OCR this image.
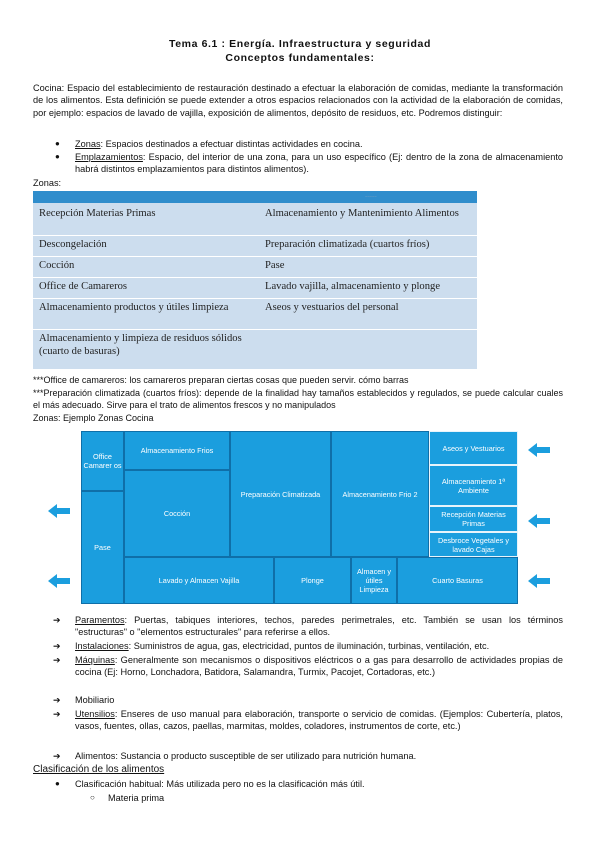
Tema 6.1 : Energía. Infraestructura y seguridad
Conceptos fundamentales:
Cocina: Espacio del establecimiento de restauración destinado a efectuar la elaboración de comidas, mediante la transformación de los alimentos. Esta definición se puede extender a otros espacios relacionados con la actividad de la elaboración de comidas, por ejemplo: espacios de lavado de vajilla, exposición de alimentos, depósito de residuos, etc. Podremos distinguir:
● Zonas: Espacios destinados a efectuar distintas actividades en cocina.
● Emplazamientos: Espacio, del interior de una zona, para un uso específico (Ej: dentro de la zona de almacenamiento habrá distintos emplazamientos para distintos alimentos).
Zonas:
~~~~~
Recepción Materias Primas	Almacenamiento y Mantenimiento Alimentos
Descongelación	Preparación climatizada (cuartos fríos)
Cocción	Pase
Office de Camareros	Lavado vajilla, almacenamiento y plonge
Almacenamiento productos y útiles limpieza	Aseos y vestuarios del personal
Almacenamiento y limpieza de residuos sólidos (cuarto de basuras)
***Office de camareros: los camareros preparan ciertas cosas que pueden servir. cómo barras
***Preparación climatizada (cuartos fríos): depende de la finalidad hay tamaños establecidos y regulados, se puede calcular cuales el más adecuado. Sirve para el trato de alimentos frescos y no manipulados
Zonas: Ejemplo Zonas Cocina
Office Camarer os
Almacenamiento Frios
Preparación Climatizada	Almacenamiento Frio 2
Aseos y Vestuarios
Almacenamiento 1ª Ambiente
Recepción Materias Primas
Desbroce Vegetales y lavado Cajas
Cocción
Pase
Lavado y Almacen Vajilla	Plonge
Almacen y útiles Limpieza
Cuarto Basuras
➔ Paramentos: Puertas, tabiques interiores, techos, paredes perimetrales, etc. También se usan los términos "estructuras" o "elementos estructurales" para referirse a ellos.
➔ Instalaciones: Suministros de agua, gas, electricidad, puntos de iluminación, turbinas, ventilación, etc.
➔ Máquinas: Generalmente son mecanismos o dispositivos eléctricos o a gas para desarrollo de actividades propias de cocina (Ej: Horno, Lonchadora, Batidora, Salamandra, Turmix, Pacojet, Cortadoras, etc.)
➔ Mobiliario
➔ Utensilios: Enseres de uso manual para elaboración, transporte o servicio de comidas. (Ejemplos: Cubertería, platos, vasos, fuentes, ollas, cazos, paellas, marmitas, moldes, coladores, instrumentos de corte, etc.)
➔ Alimentos: Sustancia o producto susceptible de ser utilizado para nutrición humana.
Clasificación de los alimentos
● Clasificación habitual: Más utilizada pero no es la clasificación más útil.
○ Materia prima
